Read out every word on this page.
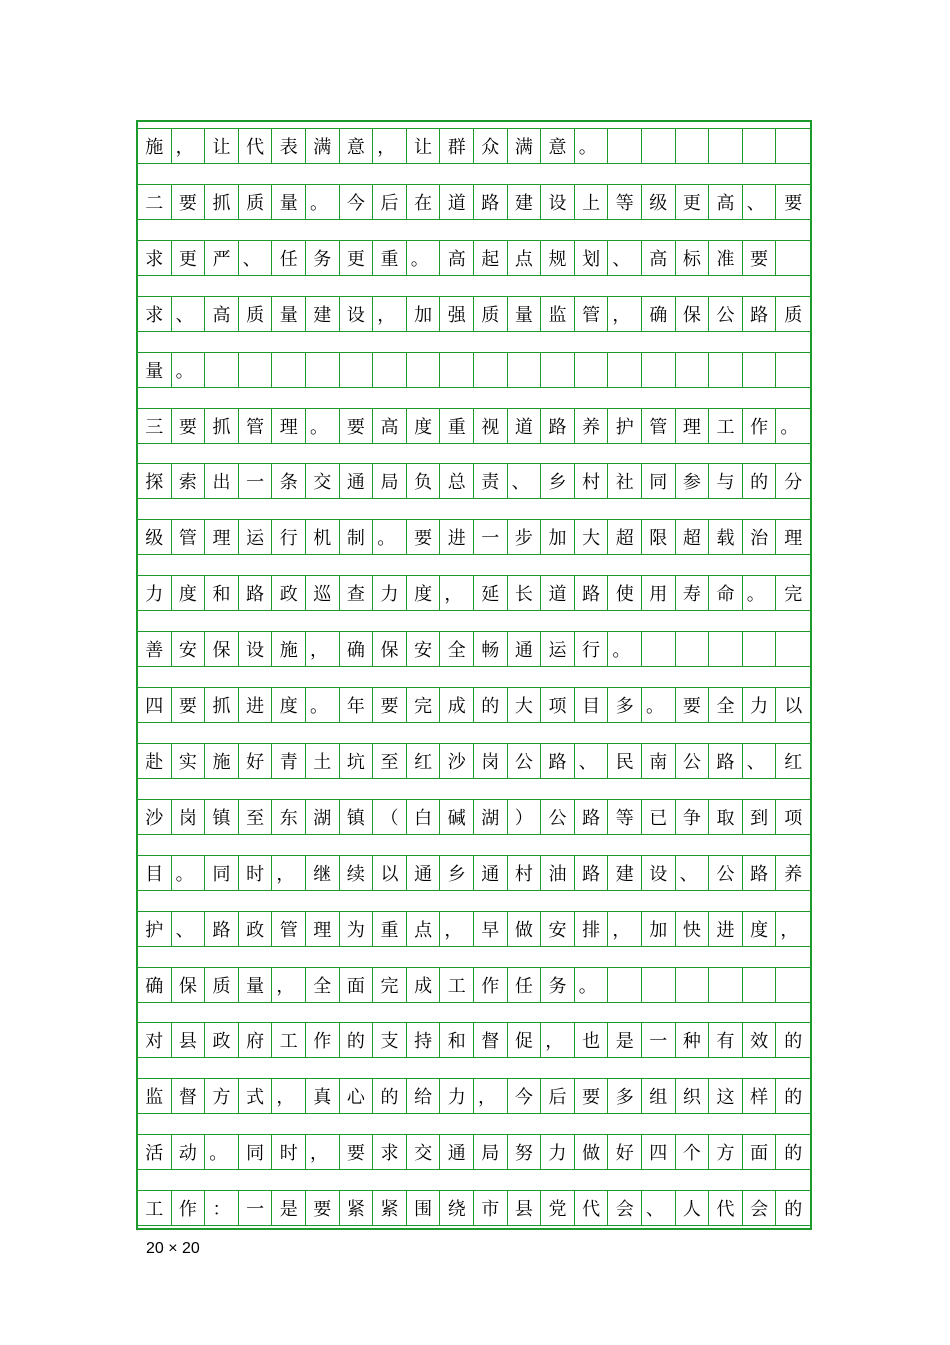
施 ，	让 代 表 满 意 ，	让 群 众 满 意 。
二 要 抓 质 量 。	今 后 在 道 路 建 设 上 等 级 更 高 、	要
求 更 严 、	任 务 更 重 。	高 起 点 规 划 、	高 标 准 要
求 、	高 质 量 建 设 ，	加 强 质 量 监 管 ，	确 保 公 路 质
量 。
三 要 抓 管 理 。	要 高 度 重 视 道 路 养 护 管 理 工 作 。
探 索 出 一 条 交 通 局 负 总 责 、	乡 村 社 同 参 与 的 分
级 管 理 运 行 机 制 。	要 进 一 步 加 大 超 限 超 载 治 理
力 度 和 路 政 巡 查 力 度 ，	延 长 道 路 使 用 寿 命 。	完
善 安 保 设 施 ，	确 保 安 全 畅 通 运 行 。
四 要 抓 进 度 。	年 要 完 成 的 大 项 目 多 。	要 全 力 以
赴 实 施 好 青 土 坑 至 红 沙 岗 公 路 、	民 南 公 路 、	红
沙 岗 镇 至 东 湖 镇 （ 白 碱 湖 ） 公 路 等 已 争 取 到 项
目 。	同 时 ，	继 续 以 通 乡 通 村 油 路 建 设 、	公 路 养
护 、	路 政 管 理 为 重 点 ，	早 做 安 排 ，	加 快 进 度 ，
确 保 质 量 ，	全 面 完 成 工 作 任 务 。
对 县 政 府 工 作 的 支 持 和 督 促 ，	也 是 一 种 有 效 的
监 督 方 式 ，	真 心 的 给 力 ，	今 后 要 多 组 织 这 样 的
活 动 。	同 时 ，	要 求 交 通 局 努 力 做 好 四 个 方 面 的
工 作 ： 一 是 要 紧 紧 围 绕 市 县 党 代 会 、	人 代 会 的
20 × 20
